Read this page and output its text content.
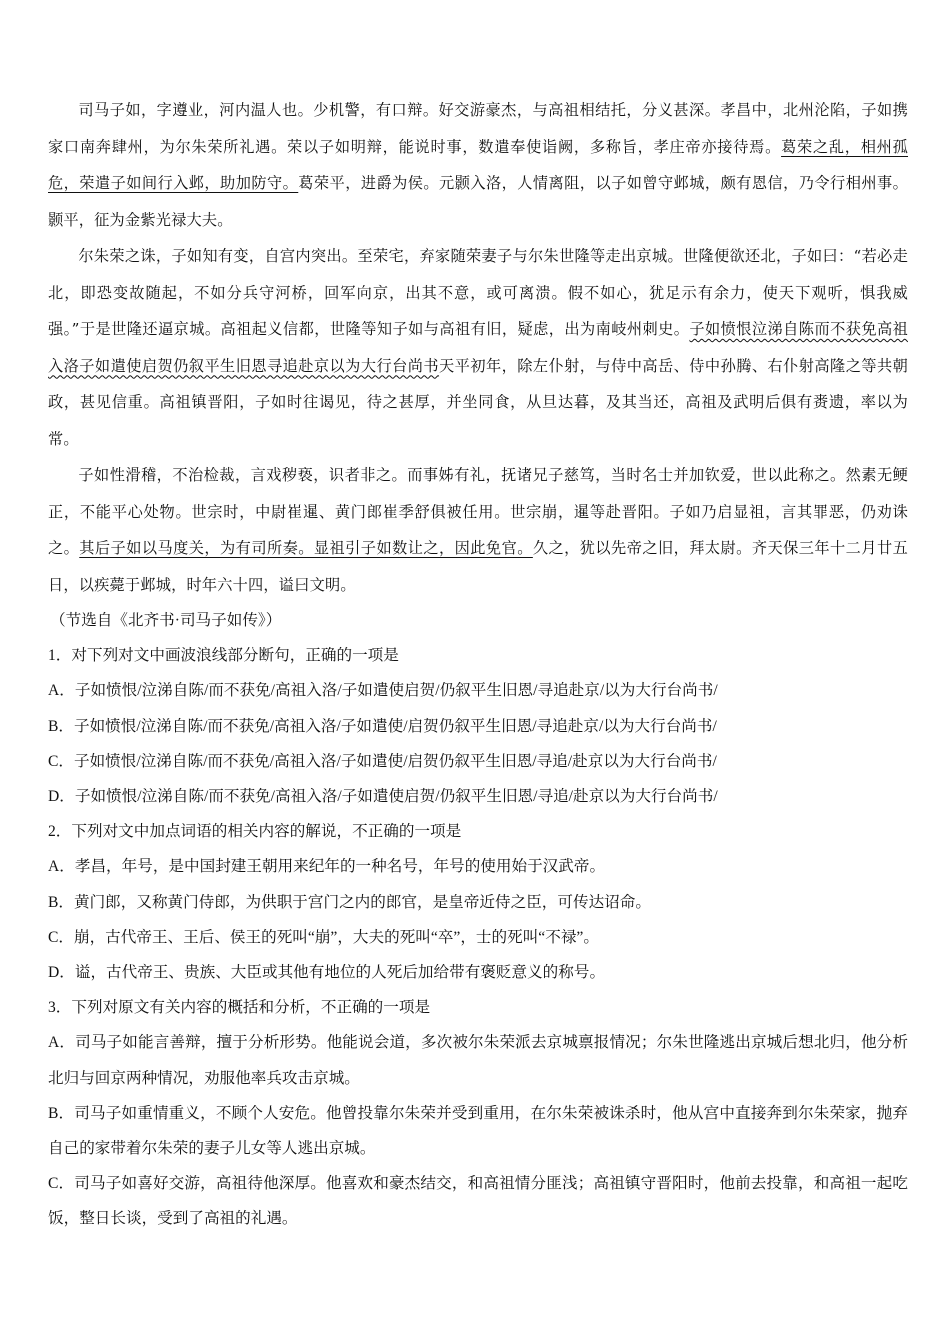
司马子如，字遵业，河内温人也。少机警，有口辩。好交游豪杰，与高祖相结托，分义甚深。孝昌中，北州沦陷，子如携家口南奔肆州，为尔朱荣所礼遇。荣以子如明辩，能说时事，数遣奉使诣阙，多称旨，孝庄帝亦接待焉。葛荣之乱，相州孤危，荣遣子如间行入邺，助加防守。葛荣平，进爵为侯。元颢入洛，人情离阻，以子如曾守邺城，颇有恩信，乃令行相州事。颢平，征为金紫光禄大夫。

尔朱荣之诛，子如知有变，自宫内突出。至荣宅，弃家随荣妻子与尔朱世隆等走出京城。世隆便欲还北，子如曰：“若必走北，即恐变故随起，不如分兵守河桥，回军向京，出其不意，或可离溃。假不如心，犹足示有余力，使天下观听，惧我威强。”于是世隆还逼京城。高祖起义信都，世隆等知子如与高祖有旧，疑虑，出为南岐州刺史。子如愤恨泣涕自陈而不获免高祖入洛子如遣使启贺仍叙平生旧恩寻追赴京以为大行台尚书天平初年，除左仆射，与侍中高岳、侍中孙腾、右仆射高隆之等共朝政，甚见信重。高祖镇晋阳，子如时往谒见，待之甚厚，并坐同食，从旦达暮，及其当还，高祖及武明后俱有赉遗，率以为常。

子如性滑稽，不治检裁，言戏秽亵，识者非之。而事姊有礼，抚诸兄子慈笃，当时名士并加钦爱，世以此称之。然素无鲠正，不能平心处物。世宗时，中尉崔暹、黄门郎崔季舒俱被任用。世宗崩，暹等赴晋阳。子如乃启显祖，言其罪恶，仍劝诛之。其后子如以马度关，为有司所奏。显祖引子如数让之，因此免官。久之，犹以先帝之旧，拜太尉。齐天保三年十二月廿五日，以疾薨于邺城，时年六十四，谥曰文明。

（节选自《北齐书·司马子如传》）

1．对下列对文中画波浪线部分断句，正确的一项是

A．子如愤恨/泣涕自陈/而不获免/高祖入洛/子如遣使启贺/仍叙平生旧恩/寻追赴京/以为大行台尚书/

B．子如愤恨/泣涕自陈/而不获免/高祖入洛/子如遣使/启贺仍叙平生旧恩/寻追赴京/以为大行台尚书/

C．子如愤恨/泣涕自陈/而不获免/高祖入洛/子如遣使/启贺仍叙平生旧恩/寻追/赴京以为大行台尚书/

D．子如愤恨/泣涕自陈/而不获免/高祖入洛/子如遣使启贺/仍叙平生旧恩/寻追/赴京以为大行台尚书/

2．下列对文中加点词语的相关内容的解说，不正确的一项是

A．孝昌，年号，是中国封建王朝用来纪年的一种名号，年号的使用始于汉武帝。

B．黄门郎，又称黄门侍郎，为供职于宫门之内的郎官，是皇帝近侍之臣，可传达诏命。

C．崩，古代帝王、王后、侯王的死叫“崩”，大夫的死叫“卒”，士的死叫“不禄”。

D．谥，古代帝王、贵族、大臣或其他有地位的人死后加给带有褒贬意义的称号。

3．下列对原文有关内容的概括和分析，不正确的一项是

A．司马子如能言善辩，擅于分析形势。他能说会道，多次被尔朱荣派去京城禀报情况；尔朱世隆逃出京城后想北归，他分析北归与回京两种情况，劝服他率兵攻击京城。

B．司马子如重情重义，不顾个人安危。他曾投靠尔朱荣并受到重用，在尔朱荣被诛杀时，他从宫中直接奔到尔朱荣家，抛弃自己的家带着尔朱荣的妻子儿女等人逃出京城。

C．司马子如喜好交游，高祖待他深厚。他喜欢和豪杰结交，和高祖情分匪浅；高祖镇守晋阳时，他前去投靠，和高祖一起吃饭，整日长谈，受到了高祖的礼遇。
